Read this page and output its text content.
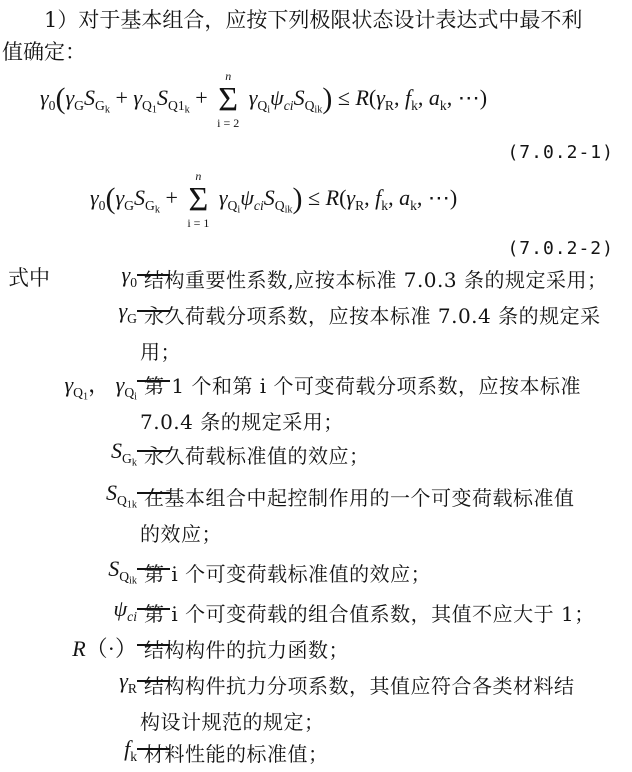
1）对于基本组合，应按下列极限状态设计表达式中最不利
值确定：
$\gamma_0(\gamma_GS_{Gk} + \gamma_{Q1}S_{Q1k}$ +
n
Σ
i = 2
$\gamma_{Qi}\psi_{ci}S_{Qik}) \le R(\gamma_R$, $f_k$, $a_k$, ⋯)
(7.0.2-1)
$\gamma_0(\gamma_GS_{Gk}$ +
n
Σ
i = 1
$\gamma_{Qi}\psi_{ci}S_{Qik}) \le R(\gamma_R$, $f_k$, $a_k$, ⋯)
(7.0.2-2)
式中	$\gamma_0$ 结构重要性系数,应按本标准 7.0.3 条的规定采用；
$\gamma_G$ 永久荷载分项系数，应按本标准 7.0.4 条的规定采
用；
$\gamma_{Q1}$， $\gamma_{Qi}$ 第 1 个和第 i 个可变荷载分项系数，应按本标准
7.0.4 条的规定采用；
$S_{Gk}$ 永久荷载标准值的效应；
$S_{Q1k}$ 在基本组合中起控制作用的一个可变荷载标准值
的效应；
$S_{Qik}$ 第 i 个可变荷载标准值的效应；
$\psi_{ci}$ 第 i 个可变荷载的组合值系数，其值不应大于 1；
R（·） 结构构件的抗力函数；
$\gamma_R$ 结构构件抗力分项系数，其值应符合各类材料结
构设计规范的规定；
$f_k$ 材料性能的标准值；
